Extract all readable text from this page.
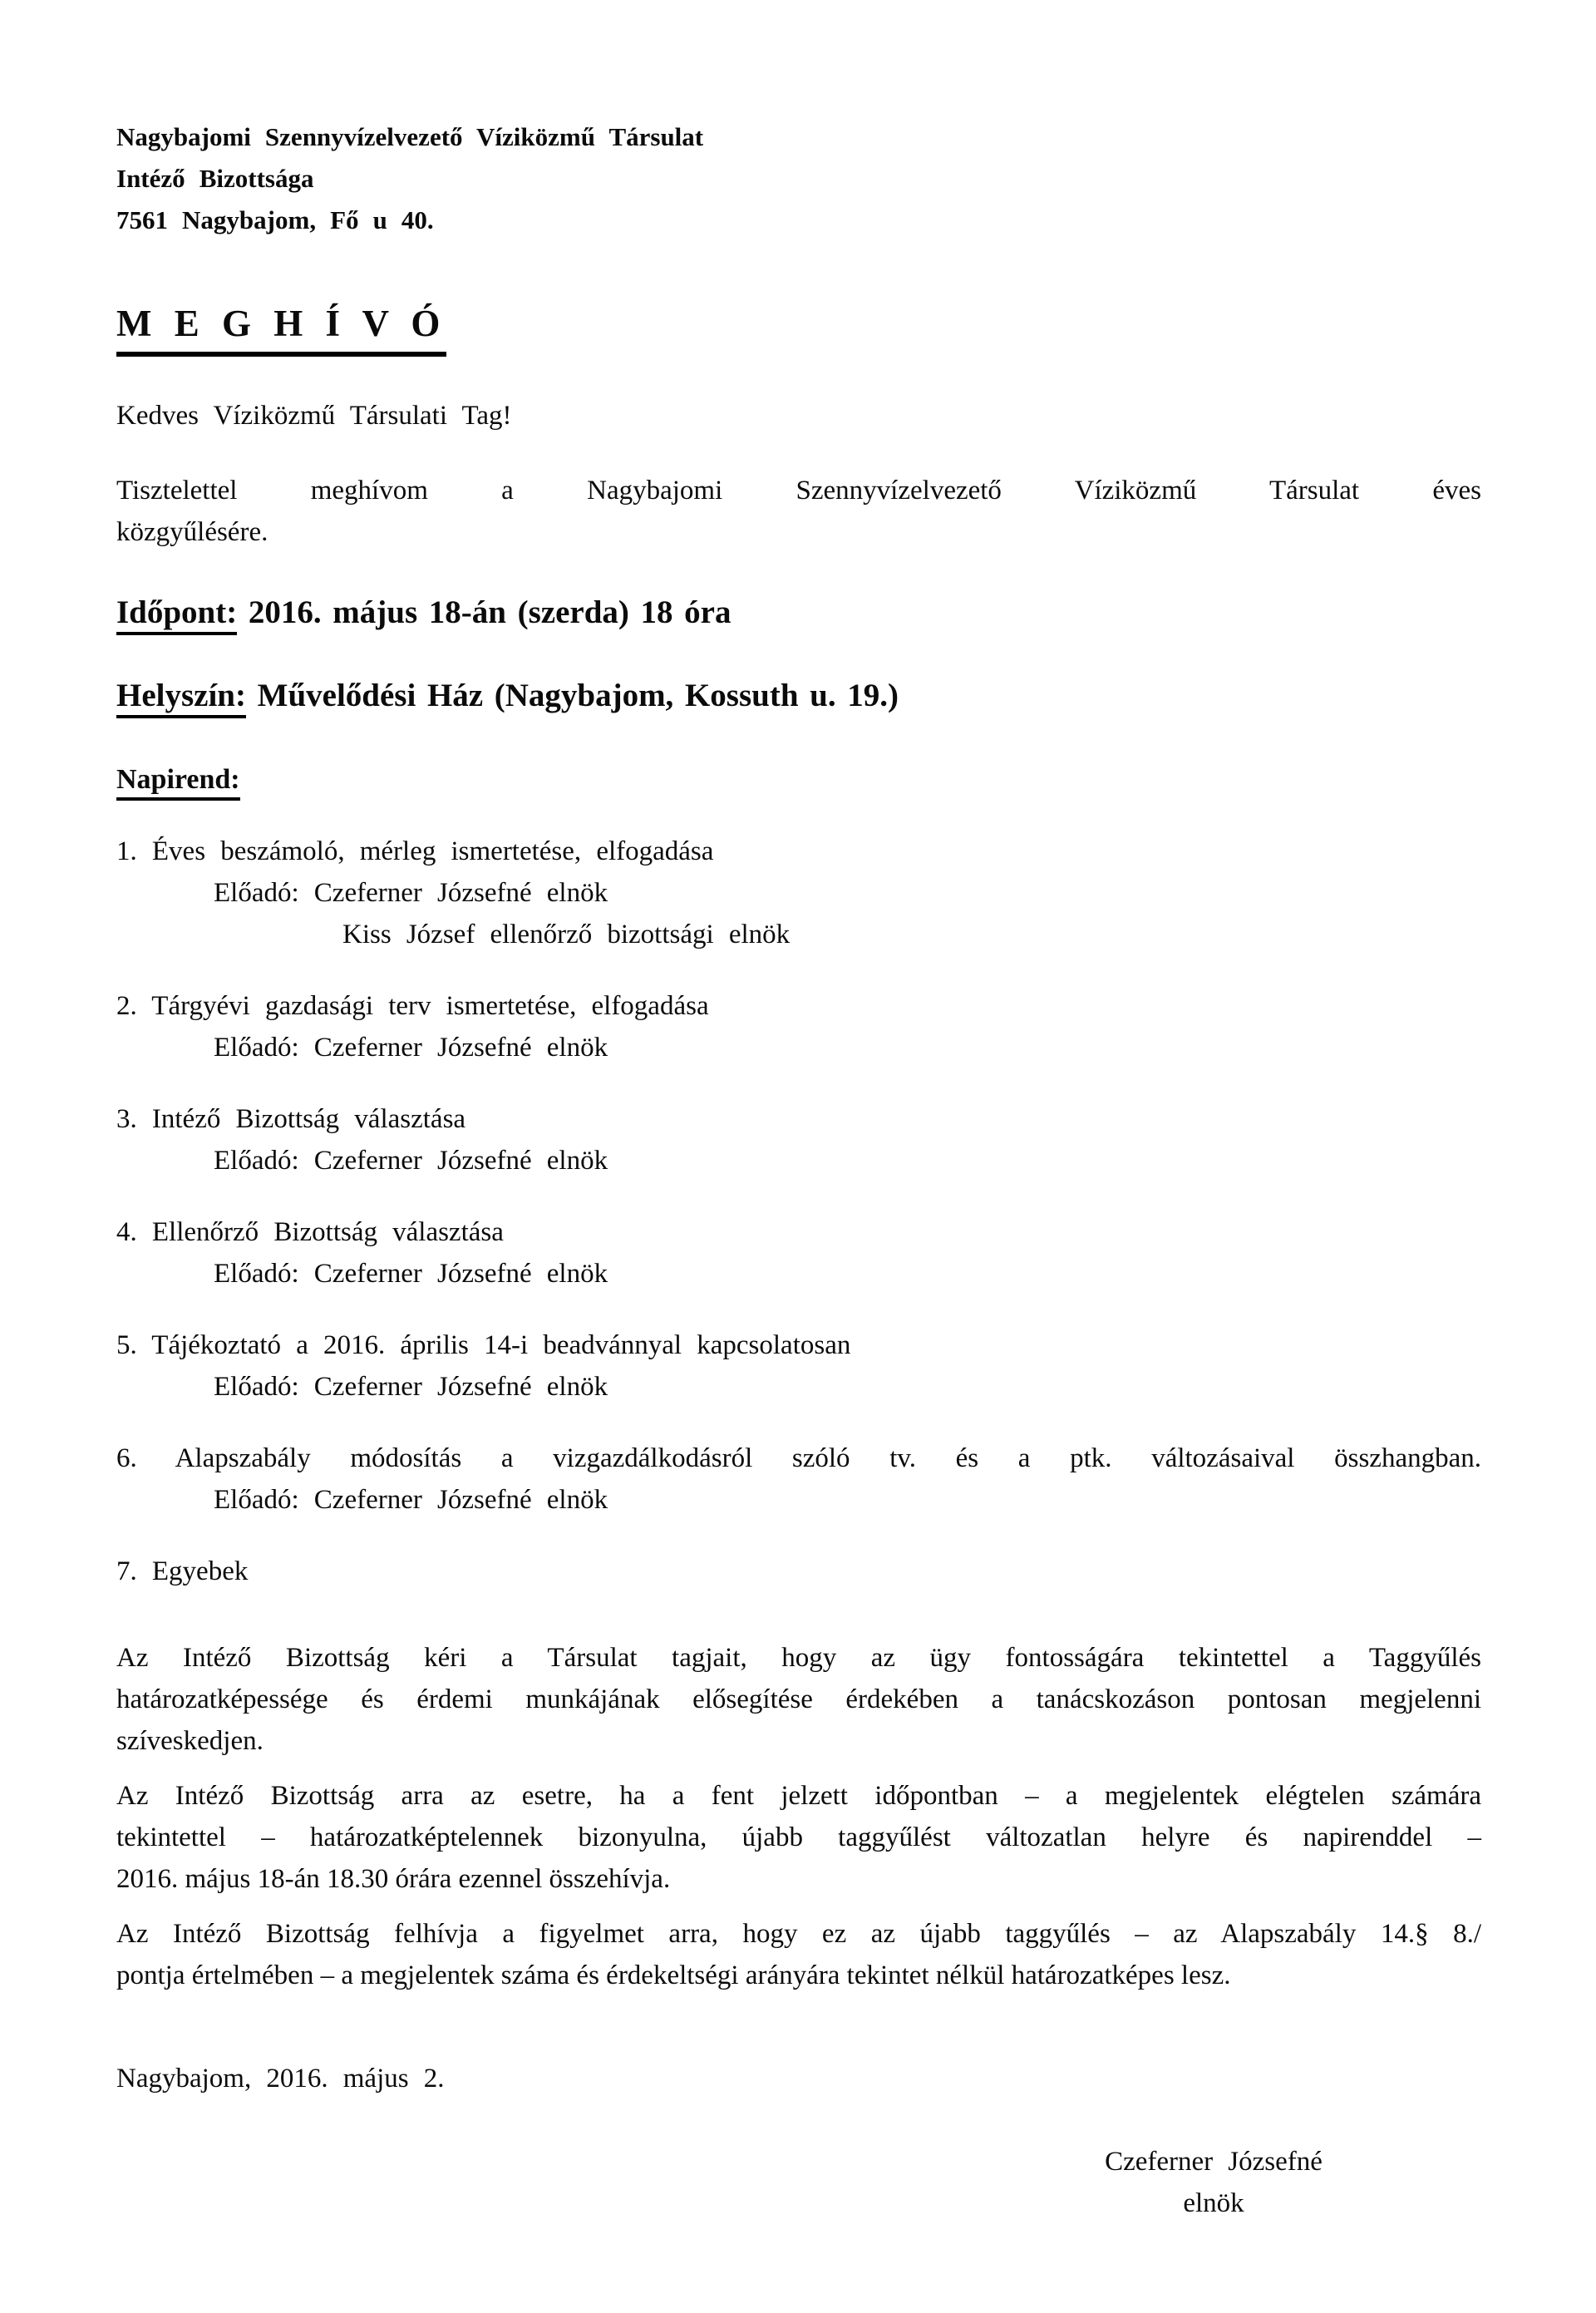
Nagybajomi Szennyvízelvezető Víziközmű Társulat
Intéző Bizottsága
7561 Nagybajom, Fő u 40.
M E G H Í V Ó
Kedves Víziközmű Társulati Tag!
Tisztelettel meghívom a Nagybajomi Szennyvízelvezető Víziközmű Társulat éves
közgyűlésére.
Időpont: 2016. május 18-án (szerda) 18 óra
Helyszín: Művelődési Ház (Nagybajom, Kossuth u. 19.)
Napirend:
1. Éves beszámoló, mérleg ismertetése, elfogadása
Előadó: Czeferner Józsefné elnök
Kiss József ellenőrző bizottsági elnök
2. Tárgyévi gazdasági terv ismertetése, elfogadása
Előadó: Czeferner Józsefné elnök
3. Intéző Bizottság választása
Előadó: Czeferner Józsefné elnök
4. Ellenőrző Bizottság választása
Előadó: Czeferner Józsefné elnök
5. Tájékoztató a 2016. április 14-i beadvánnyal kapcsolatosan
Előadó: Czeferner Józsefné elnök
6. Alapszabály módosítás a vizgazdálkodásról szóló tv. és a ptk. változásaival összhangban.
Előadó: Czeferner Józsefné elnök
7. Egyebek
Az Intéző Bizottság kéri a Társulat tagjait, hogy az ügy fontosságára tekintettel a Taggyűlés
határozatképessége és érdemi munkájának elősegítése érdekében a tanácskozáson pontosan megjelenni
szíveskedjen.
Az Intéző Bizottság arra az esetre, ha a fent jelzett időpontban – a megjelentek elégtelen számára
tekintettel – határozatképtelennek bizonyulna, újabb taggyűlést változatlan helyre és napirenddel –
2016. május 18-án 18.30 órára ezennel összehívja.
Az Intéző Bizottság felhívja a figyelmet arra, hogy ez az újabb taggyűlés – az Alapszabály 14.§ 8./
pontja értelmében – a megjelentek száma és érdekeltségi arányára tekintet nélkül határozatképes lesz.
Nagybajom, 2016. május 2.
Czeferner Józsefné
elnök
